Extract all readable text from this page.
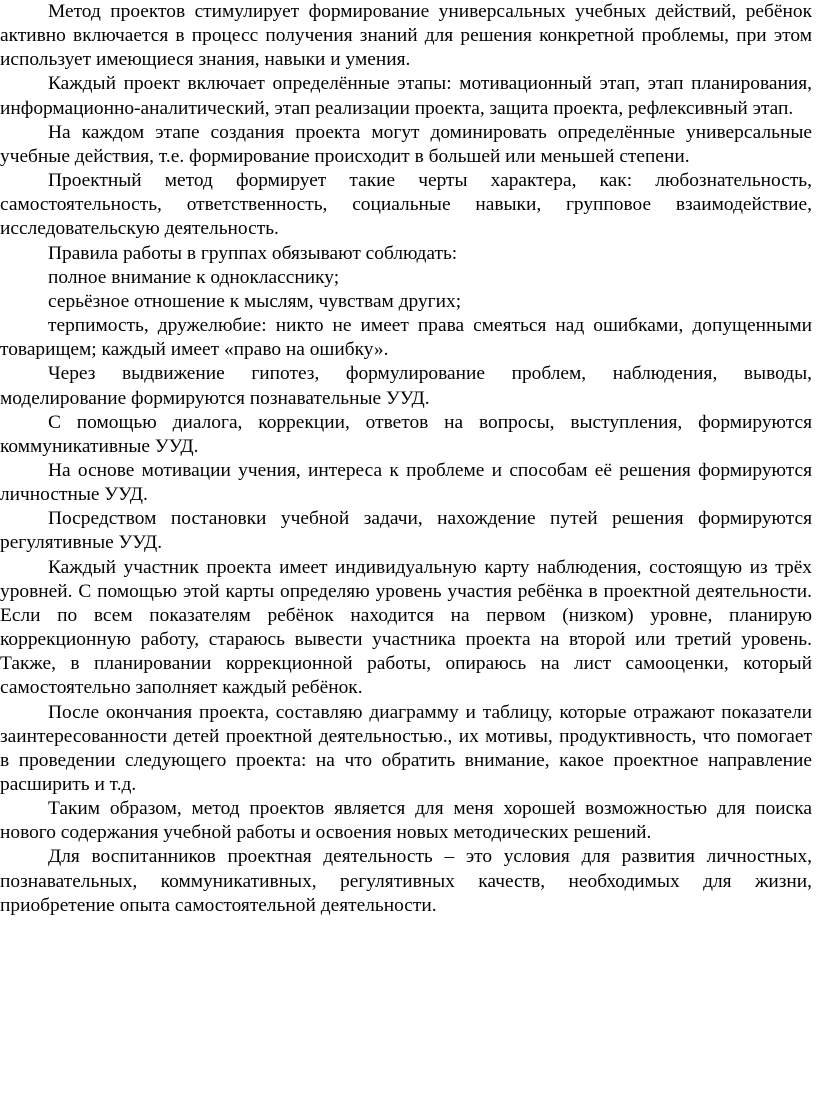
Метод проектов стимулирует формирование универсальных учебных действий, ребёнок активно включается в процесс получения знаний для решения конкретной проблемы, при этом использует имеющиеся знания, навыки и умения.

Каждый проект включает определённые этапы: мотивационный этап, этап планирования, информационно-аналитический, этап реализации проекта, защита проекта, рефлексивный этап.

На каждом этапе создания проекта могут доминировать определённые универсальные учебные действия, т.е. формирование происходит в большей или меньшей степени.

Проектный метод формирует такие черты характера, как: любознательность, самостоятельность, ответственность, социальные навыки, групповое взаимодействие, исследовательскую деятельность.

Правила работы в группах обязывают соблюдать:

полное внимание к однокласснику;

серьёзное отношение к мыслям, чувствам других;

терпимость, дружелюбие: никто не имеет права смеяться над ошибками, допущенными товарищем; каждый имеет «право на ошибку».

Через выдвижение гипотез, формулирование проблем, наблюдения, выводы, моделирование формируются познавательные УУД.

С помощью диалога, коррекции, ответов на вопросы, выступления, формируются коммуникативные УУД.

На основе мотивации учения, интереса к проблеме и способам её решения формируются личностные УУД.

Посредством постановки учебной задачи, нахождение путей решения формируются регулятивные УУД.

Каждый участник проекта имеет индивидуальную карту наблюдения, состоящую из трёх уровней. С помощью этой карты определяю уровень участия ребёнка в проектной деятельности. Если по всем показателям ребёнок находится на первом (низком) уровне, планирую коррекционную работу, стараюсь вывести участника проекта на второй или третий уровень. Также, в планировании коррекционной работы, опираюсь на лист самооценки, который самостоятельно заполняет каждый ребёнок.

После окончания проекта, составляю диаграмму и таблицу, которые отражают показатели заинтересованности детей проектной деятельностью., их мотивы, продуктивность, что помогает в проведении следующего проекта: на что обратить внимание, какое проектное направление расширить и т.д.

Таким образом, метод проектов является для меня хорошей возможностью для поиска нового содержания учебной работы и освоения новых методических решений.

Для воспитанников проектная деятельность – это условия для развития личностных, познавательных, коммуникативных, регулятивных качеств, необходимых для жизни, приобретение опыта самостоятельной деятельности.
